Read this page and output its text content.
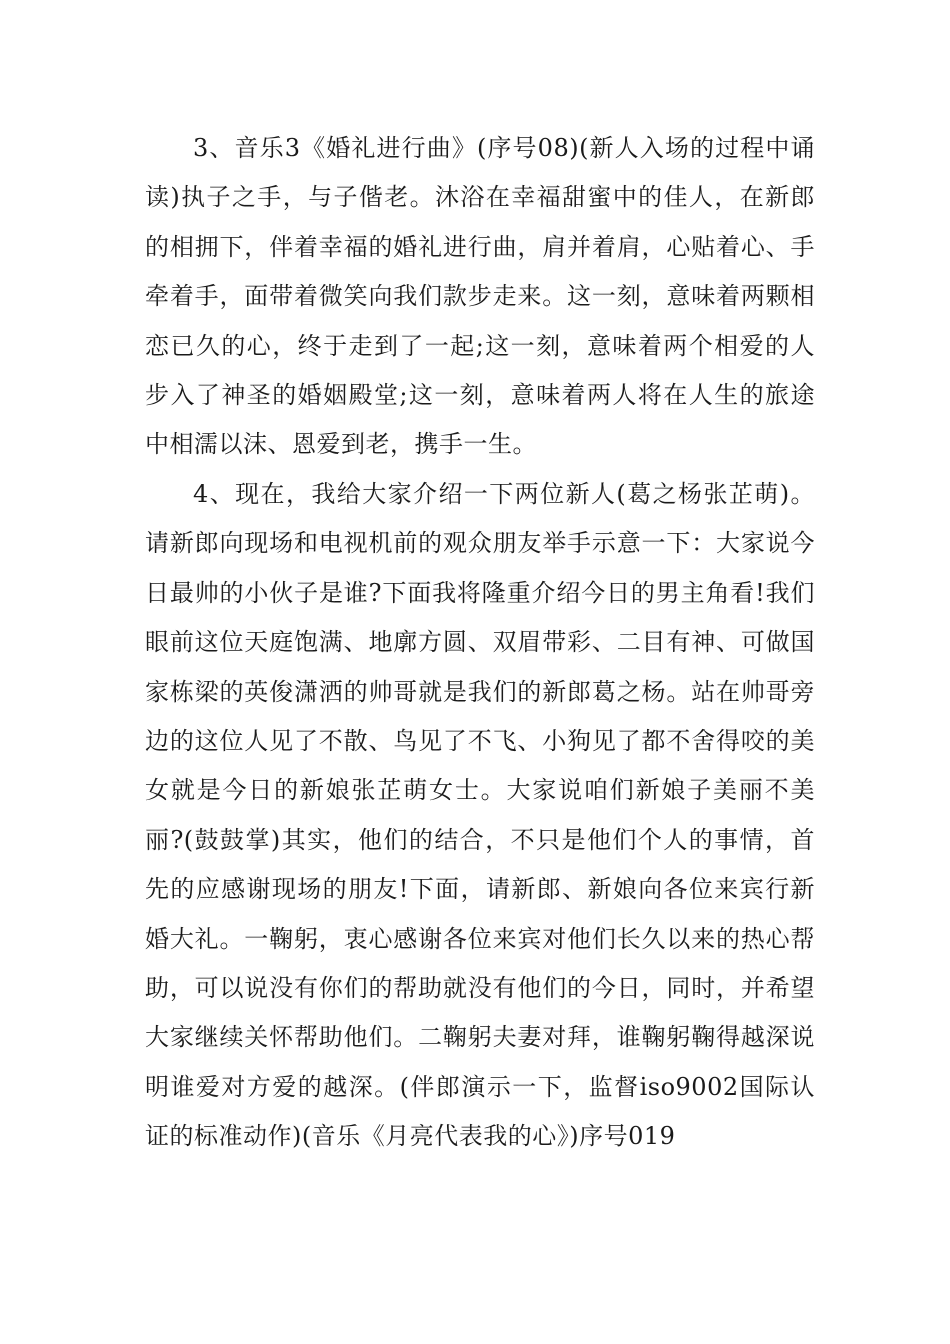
3、音乐3《婚礼进行曲》(序号08)(新人入场的过程中诵读)执子之手，与子偕老。沐浴在幸福甜蜜中的佳人，在新郎的相拥下，伴着幸福的婚礼进行曲，肩并着肩，心贴着心、手牵着手，面带着微笑向我们款步走来。这一刻，意味着两颗相恋已久的心，终于走到了一起;这一刻，意味着两个相爱的人步入了神圣的婚姻殿堂;这一刻，意味着两人将在人生的旅途中相濡以沫、恩爱到老，携手一生。

4、现在，我给大家介绍一下两位新人(葛之杨张芷萌)。请新郎向现场和电视机前的观众朋友举手示意一下：大家说今日最帅的小伙子是谁?下面我将隆重介绍今日的男主角看!我们眼前这位天庭饱满、地廓方圆、双眉带彩、二目有神、可做国家栋梁的英俊潇洒的帅哥就是我们的新郎葛之杨。站在帅哥旁边的这位人见了不散、鸟见了不飞、小狗见了都不舍得咬的美女就是今日的新娘张芷萌女士。大家说咱们新娘子美丽不美丽?(鼓鼓掌)其实，他们的结合，不只是他们个人的事情，首先的应感谢现场的朋友!下面，请新郎、新娘向各位来宾行新婚大礼。一鞠躬，衷心感谢各位来宾对他们长久以来的热心帮助，可以说没有你们的帮助就没有他们的今日，同时，并希望大家继续关怀帮助他们。二鞠躬夫妻对拜，谁鞠躬鞠得越深说明谁爱对方爱的越深。(伴郎演示一下，监督iso9002国际认证的标准动作)(音乐《月亮代表我的心》)序号019
